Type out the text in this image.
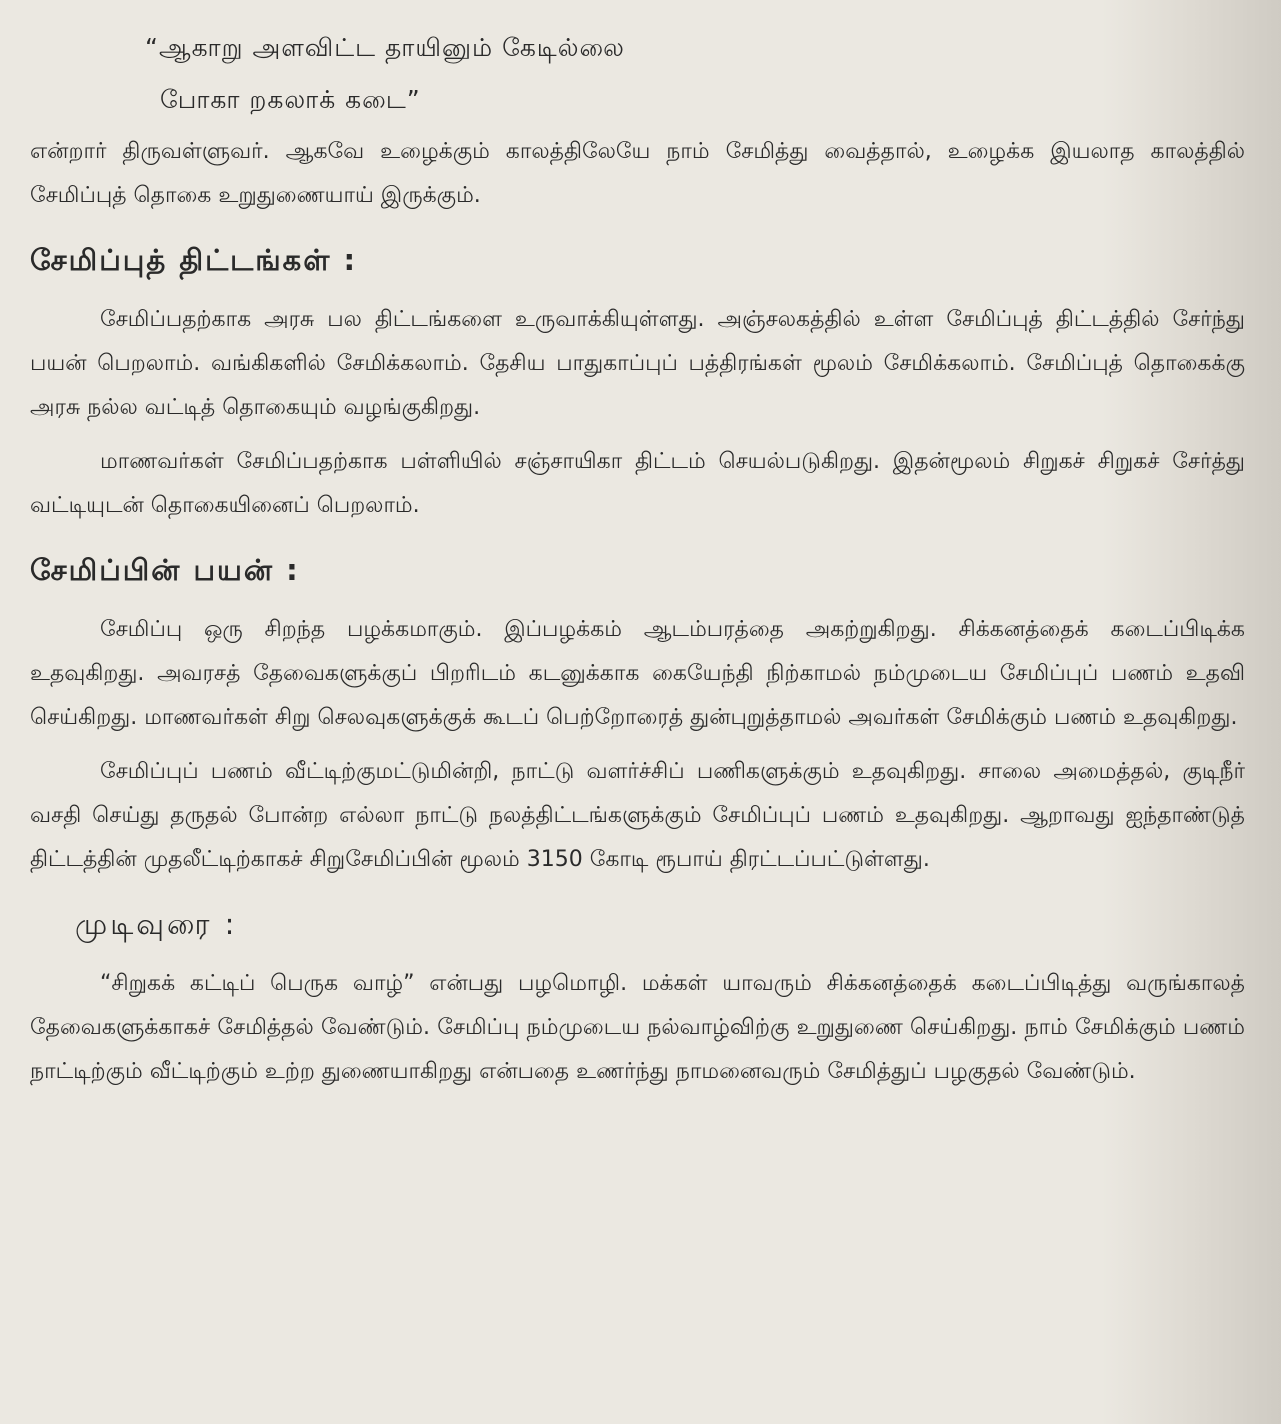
“ஆகாறு அளவிட்ட தாயினும் கேடில்லை
போகா றகலாக் கடை”

என்றார் திருவள்ளுவர். ஆகவே உழைக்கும் காலத்திலேயே நாம் சேமித்து வைத்தால், உழைக்க இயலாத காலத்தில் சேமிப்புத் தொகை உறுதுணையாய் இருக்கும்.

சேமிப்புத் திட்டங்கள் :

சேமிப்பதற்காக அரசு பல திட்டங்களை உருவாக்கியுள்ளது. அஞ்சலகத்தில் உள்ள சேமிப்புத் திட்டத்தில் சேர்ந்து பயன் பெறலாம். வங்கிகளில் சேமிக்கலாம். தேசிய பாதுகாப்புப் பத்திரங்கள் மூலம் சேமிக்கலாம். சேமிப்புத் தொகைக்கு அரசு நல்ல வட்டித் தொகையும் வழங்குகிறது.

மாணவர்கள் சேமிப்பதற்காக பள்ளியில் சஞ்சாயிகா திட்டம் செயல்படுகிறது. இதன்மூலம் சிறுகச் சிறுகச் சேர்த்து வட்டியுடன் தொகையினைப் பெறலாம்.

சேமிப்பின் பயன் :

சேமிப்பு ஒரு சிறந்த பழக்கமாகும். இப்பழக்கம் ஆடம்பரத்தை அகற்றுகிறது. சிக்கனத்தைக் கடைப்பிடிக்க உதவுகிறது. அவரசத் தேவைகளுக்குப் பிறரிடம் கடனுக்காக கையேந்தி நிற்காமல் நம்முடைய சேமிப்புப் பணம் உதவி செய்கிறது. மாணவர்கள் சிறு செலவுகளுக்குக் கூடப் பெற்றோரைத் துன்புறுத்தாமல் அவர்கள் சேமிக்கும் பணம் உதவுகிறது.

சேமிப்புப் பணம் வீட்டிற்குமட்டுமின்றி, நாட்டு வளர்ச்சிப் பணிகளுக்கும் உதவுகிறது. சாலை அமைத்தல், குடிநீர் வசதி செய்து தருதல் போன்ற எல்லா நாட்டு நலத்திட்டங்களுக்கும் சேமிப்புப் பணம் உதவுகிறது. ஆறாவது ஐந்தாண்டுத் திட்டத்தின் முதலீட்டிற்காகச் சிறுசேமிப்பின் மூலம் 3150 கோடி ரூபாய் திரட்டப்பட்டுள்ளது.

முடிவுரை :

“சிறுகக் கட்டிப் பெருக வாழ்” என்பது பழமொழி. மக்கள் யாவரும் சிக்கனத்தைக் கடைப்பிடித்து வருங்காலத் தேவைகளுக்காகச் சேமித்தல் வேண்டும். சேமிப்பு நம்முடைய நல்வாழ்விற்கு உறுதுணை செய்கிறது. நாம் சேமிக்கும் பணம் நாட்டிற்கும் வீட்டிற்கும் உற்ற துணையாகிறது என்பதை உணர்ந்து நாமனைவரும் சேமித்துப் பழகுதல் வேண்டும்.
